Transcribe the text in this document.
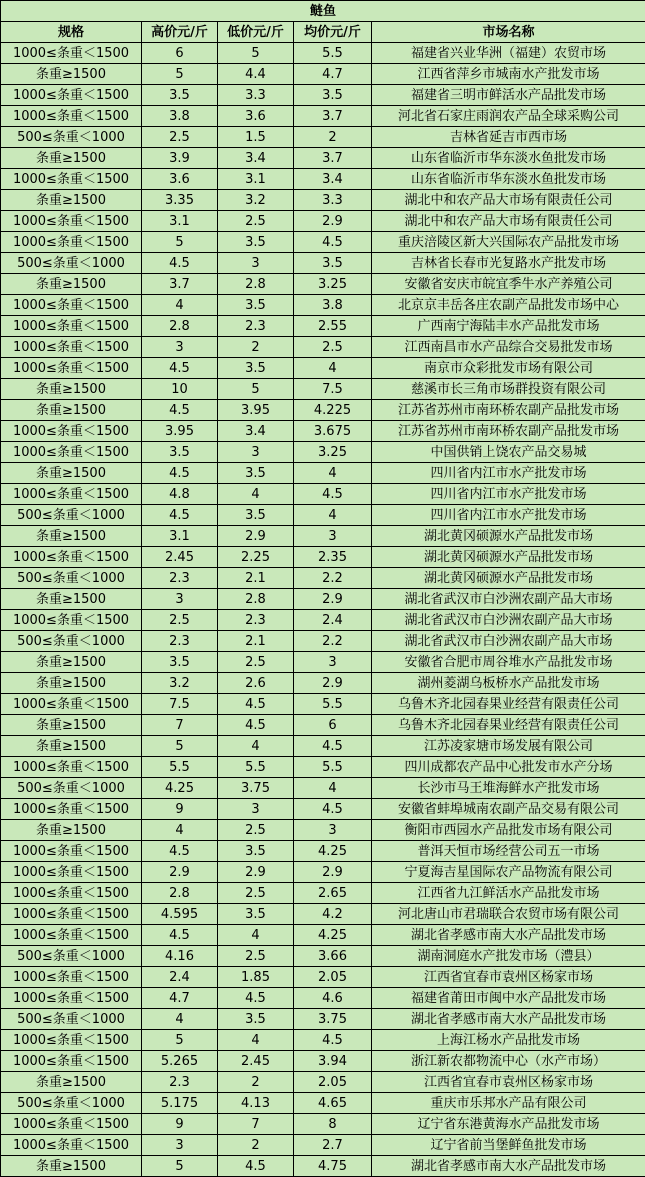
鲢鱼				
规格	高价元/斤	低价元/斤	均价元/斤	市场名称
1000≤条重＜1500	6	5	5.5	福建省兴业华洲（福建）农贸市场
条重≥1500	5	4.4	4.7	江西省萍乡市城南水产批发市场
1000≤条重＜1500	3.5	3.3	3.5	福建省三明市鲜活水产品批发市场
1000≤条重＜1500	3.8	3.6	3.7	河北省石家庄雨润农产品全球采购公司
500≤条重＜1000	2.5	1.5	2	吉林省延吉市西市场
条重≥1500	3.9	3.4	3.7	山东省临沂市华东淡水鱼批发市场
1000≤条重＜1500	3.6	3.1	3.4	山东省临沂市华东淡水鱼批发市场
条重≥1500	3.35	3.2	3.3	湖北中和农产品大市场有限责任公司
1000≤条重＜1500	3.1	2.5	2.9	湖北中和农产品大市场有限责任公司
1000≤条重＜1500	5	3.5	4.5	重庆涪陵区新大兴国际农产品批发市场
500≤条重＜1000	4.5	3	3.5	吉林省长春市光复路水产批发市场
条重≥1500	3.7	2.8	3.25	安徽省安庆市皖宜季牛水产养殖公司
1000≤条重＜1500	4	3.5	3.8	北京京丰岳各庄农副产品批发市场中心
1000≤条重＜1500	2.8	2.3	2.55	广西南宁海陆丰水产品批发市场
1000≤条重＜1500	3	2	2.5	江西南昌市水产品综合交易批发市场
1000≤条重＜1500	4.5	3.5	4	南京市众彩批发市场有限公司
条重≥1500	10	5	7.5	慈溪市长三角市场群投资有限公司
条重≥1500	4.5	3.95	4.225	江苏省苏州市南环桥农副产品批发市场
1000≤条重＜1500	3.95	3.4	3.675	江苏省苏州市南环桥农副产品批发市场
1000≤条重＜1500	3.5	3	3.25	中国供销上饶农产品交易城
条重≥1500	4.5	3.5	4	四川省内江市水产批发市场
1000≤条重＜1500	4.8	4	4.5	四川省内江市水产批发市场
500≤条重＜1000	4.5	3.5	4	四川省内江市水产批发市场
条重≥1500	3.1	2.9	3	湖北黄冈硕源水产品批发市场
1000≤条重＜1500	2.45	2.25	2.35	湖北黄冈硕源水产品批发市场
500≤条重＜1000	2.3	2.1	2.2	湖北黄冈硕源水产品批发市场
条重≥1500	3	2.8	2.9	湖北省武汉市白沙洲农副产品大市场
1000≤条重＜1500	2.5	2.3	2.4	湖北省武汉市白沙洲农副产品大市场
500≤条重＜1000	2.3	2.1	2.2	湖北省武汉市白沙洲农副产品大市场
条重≥1500	3.5	2.5	3	安徽省合肥市周谷堆水产品批发市场
条重≥1500	3.2	2.6	2.9	湖州菱湖乌板桥水产品批发市场
1000≤条重＜1500	7.5	4.5	5.5	乌鲁木齐北园春果业经营有限责任公司
条重≥1500	7	4.5	6	乌鲁木齐北园春果业经营有限责任公司
条重≥1500	5	4	4.5	江苏凌家塘市场发展有限公司
1000≤条重＜1500	5.5	5.5	5.5	四川成都农产品中心批发市水产分场
500≤条重＜1000	4.25	3.75	4	长沙市马王堆海鲜水产批发市场
1000≤条重＜1500	9	3	4.5	安徽省蚌埠城南农副产品交易有限公司
条重≥1500	4	2.5	3	衡阳市西园水产品批发市场有限公司
1000≤条重＜1500	4.5	3.5	4.25	普洱天恒市场经营公司五一市场
1000≤条重＜1500	2.9	2.9	2.9	宁夏海吉星国际农产品物流有限公司
1000≤条重＜1500	2.8	2.5	2.65	江西省九江鲜活水产品批发市场
1000≤条重＜1500	4.595	3.5	4.2	河北唐山市君瑞联合农贸市场有限公司
1000≤条重＜1500	4.5	4	4.25	湖北省孝感市南大水产品批发市场
500≤条重＜1000	4.16	2.5	3.66	湖南洞庭水产批发市场（澧县）
1000≤条重＜1500	2.4	1.85	2.05	江西省宜春市袁州区杨家市场
1000≤条重＜1500	4.7	4.5	4.6	福建省莆田市闽中水产品批发市场
500≤条重＜1000	4	3.5	3.75	湖北省孝感市南大水产品批发市场
1000≤条重＜1500	5	4	4.5	上海江杨水产品批发市场
1000≤条重＜1500	5.265	2.45	3.94	浙江新农都物流中心（水产市场）
条重≥1500	2.3	2	2.05	江西省宜春市袁州区杨家市场
500≤条重＜1000	5.175	4.13	4.65	重庆市乐邦水产品有限公司
1000≤条重＜1500	9	7	8	辽宁省东港黄海水产品批发市场
1000≤条重＜1500	3	2	2.7	辽宁省前当堡鲜鱼批发市场
条重≥1500	5	4.5	4.75	湖北省孝感市南大水产品批发市场
